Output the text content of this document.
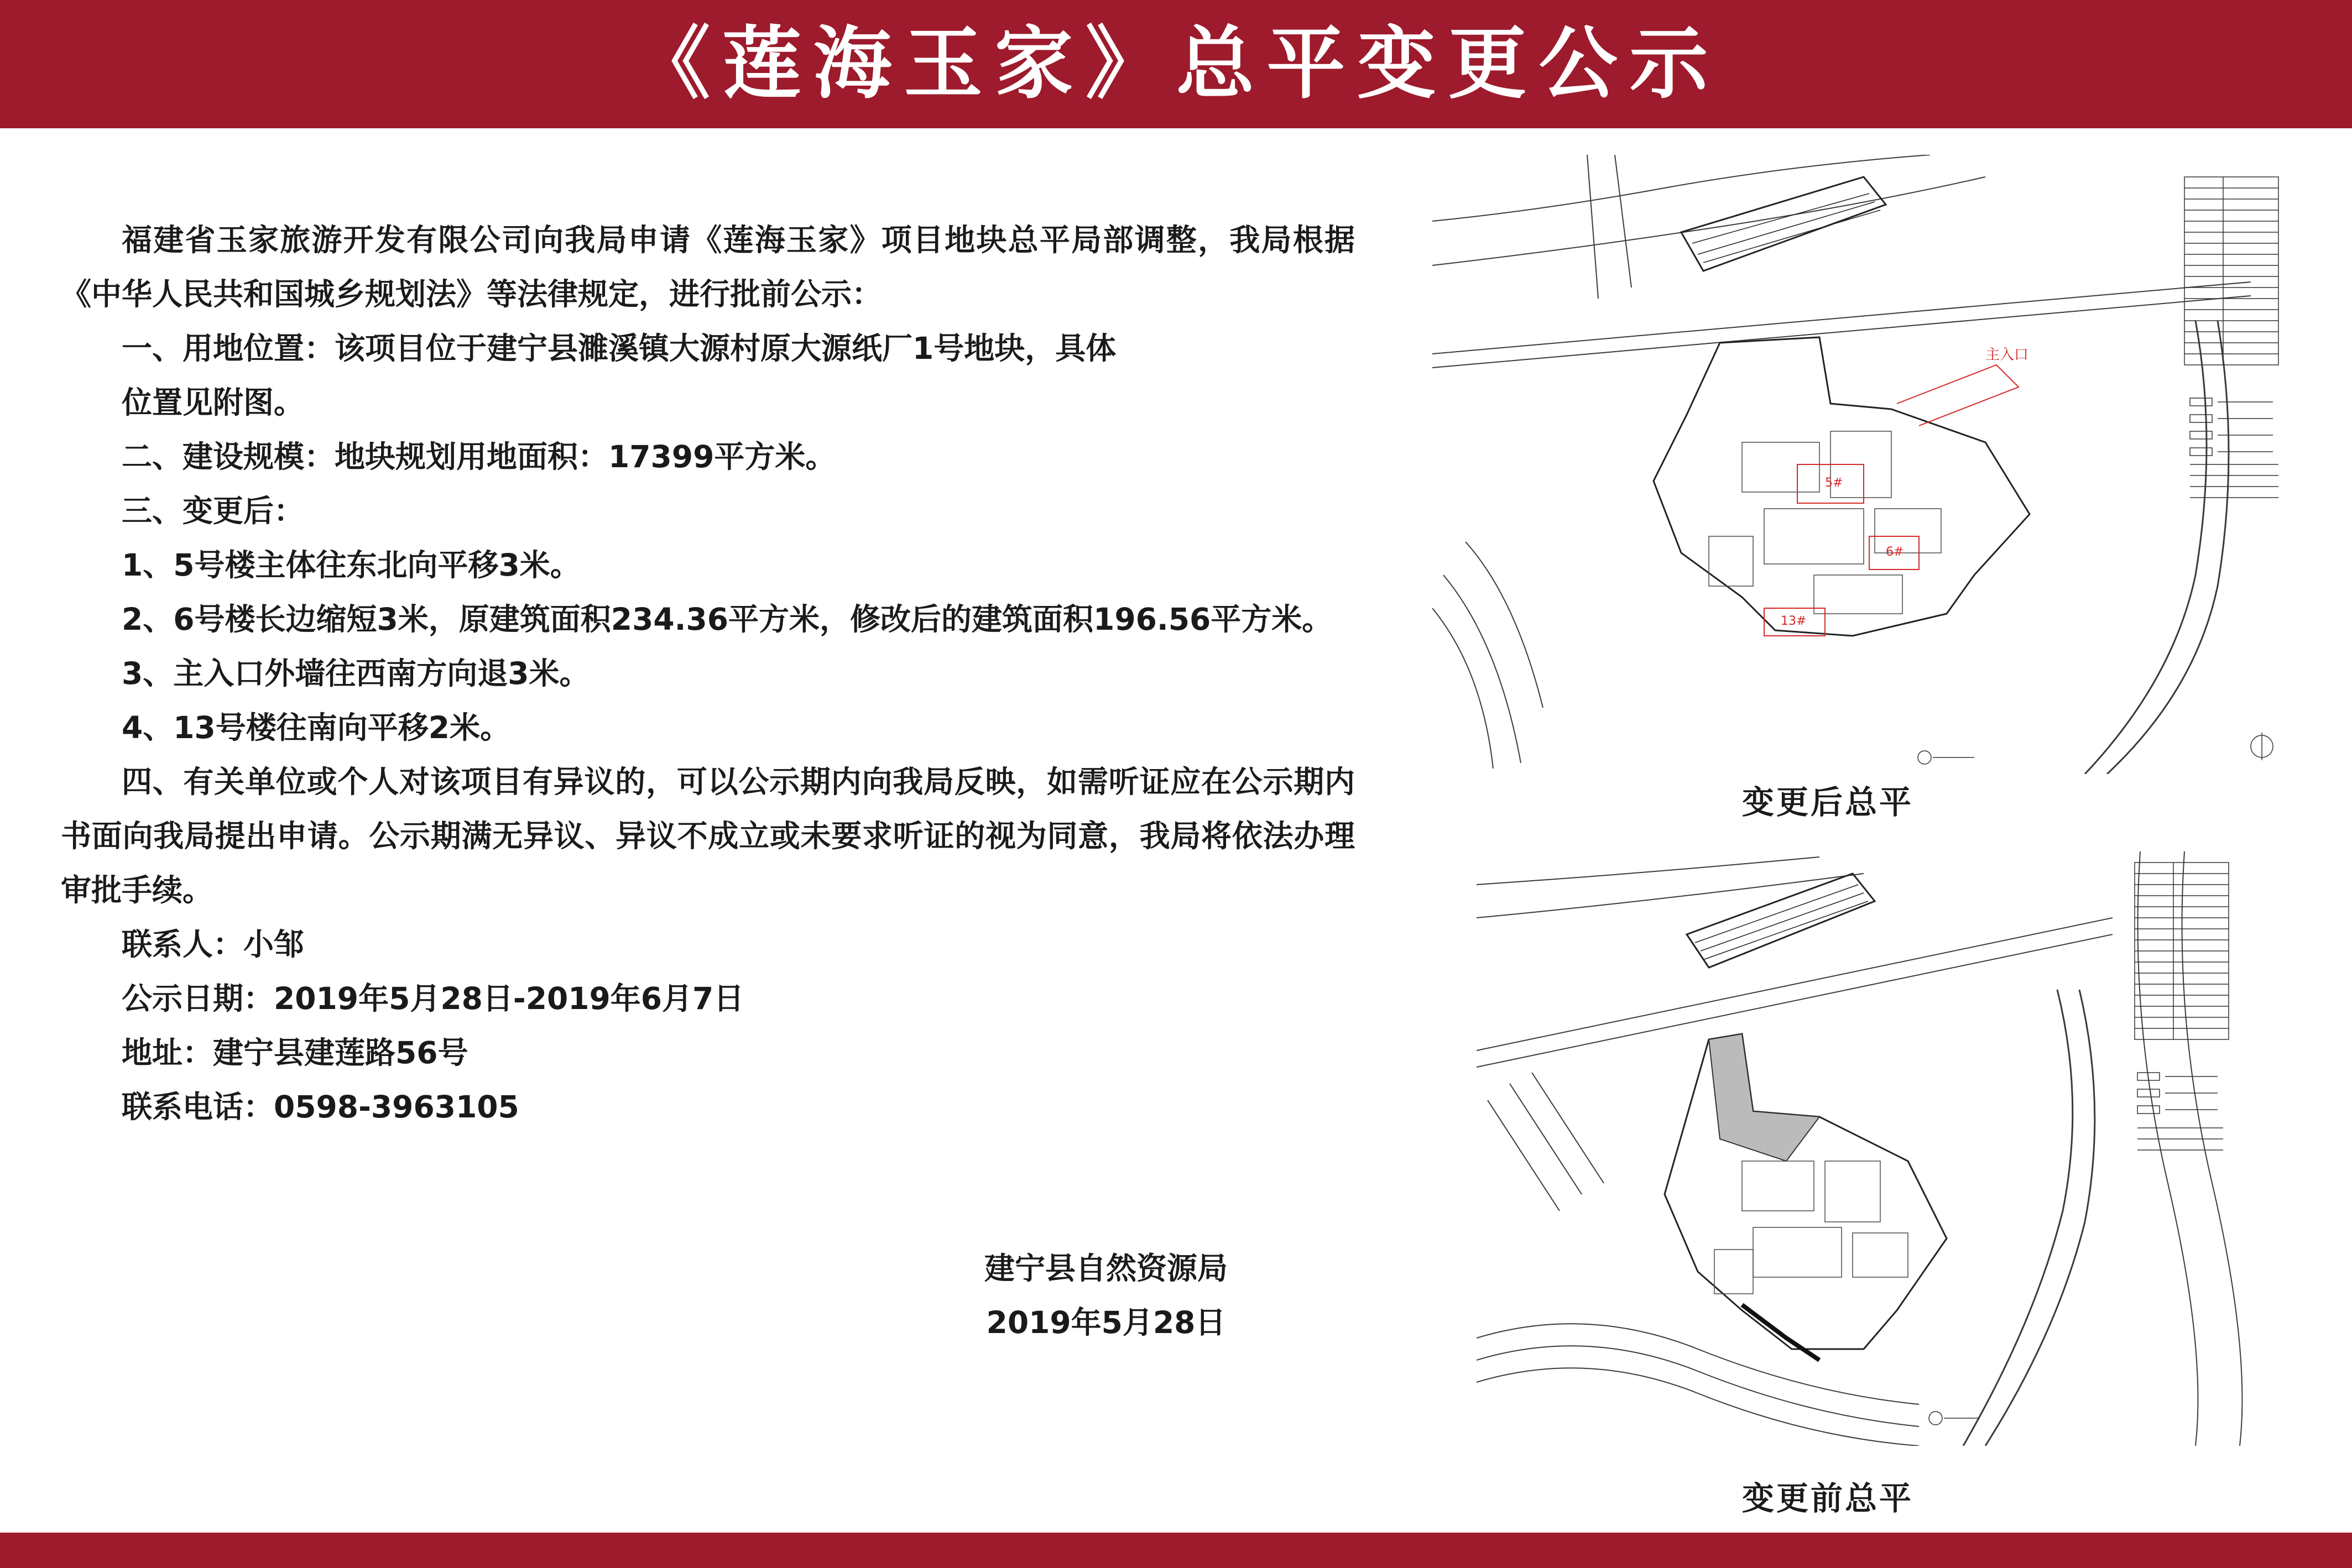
《莲海玉家》总平变更公示

福建省玉家旅游开发有限公司向我局申请《莲海玉家》项目地块总平局部调整，我局根据《中华人民共和国城乡规划法》等法律规定，进行批前公示：

一、用地位置：该项目位于建宁县濉溪镇大源村原大源纸厂1号地块，具体

位置见附图。

二、建设规模：地块规划用地面积：17399平方米。

三、变更后：

1、5号楼主体往东北向平移3米。

2、6号楼长边缩短3米，原建筑面积234.36平方米，修改后的建筑面积196.56平方米。

3、主入口外墙往西南方向退3米。

4、13号楼往南向平移2米。

四、有关单位或个人对该项目有异议的，可以公示期内向我局反映，如需听证应在公示期内书面向我局提出申请。公示期满无异议、异议不成立或未要求听证的视为同意，我局将依法办理审批手续。

联系人：小邹

公示日期：2019年5月28日-2019年6月7日

地址：建宁县建莲路56号

联系电话：0598-3963105

建宁县自然资源局
2019年5月28日
5#
6#
13#
主入口
变更后总平
变更前总平
